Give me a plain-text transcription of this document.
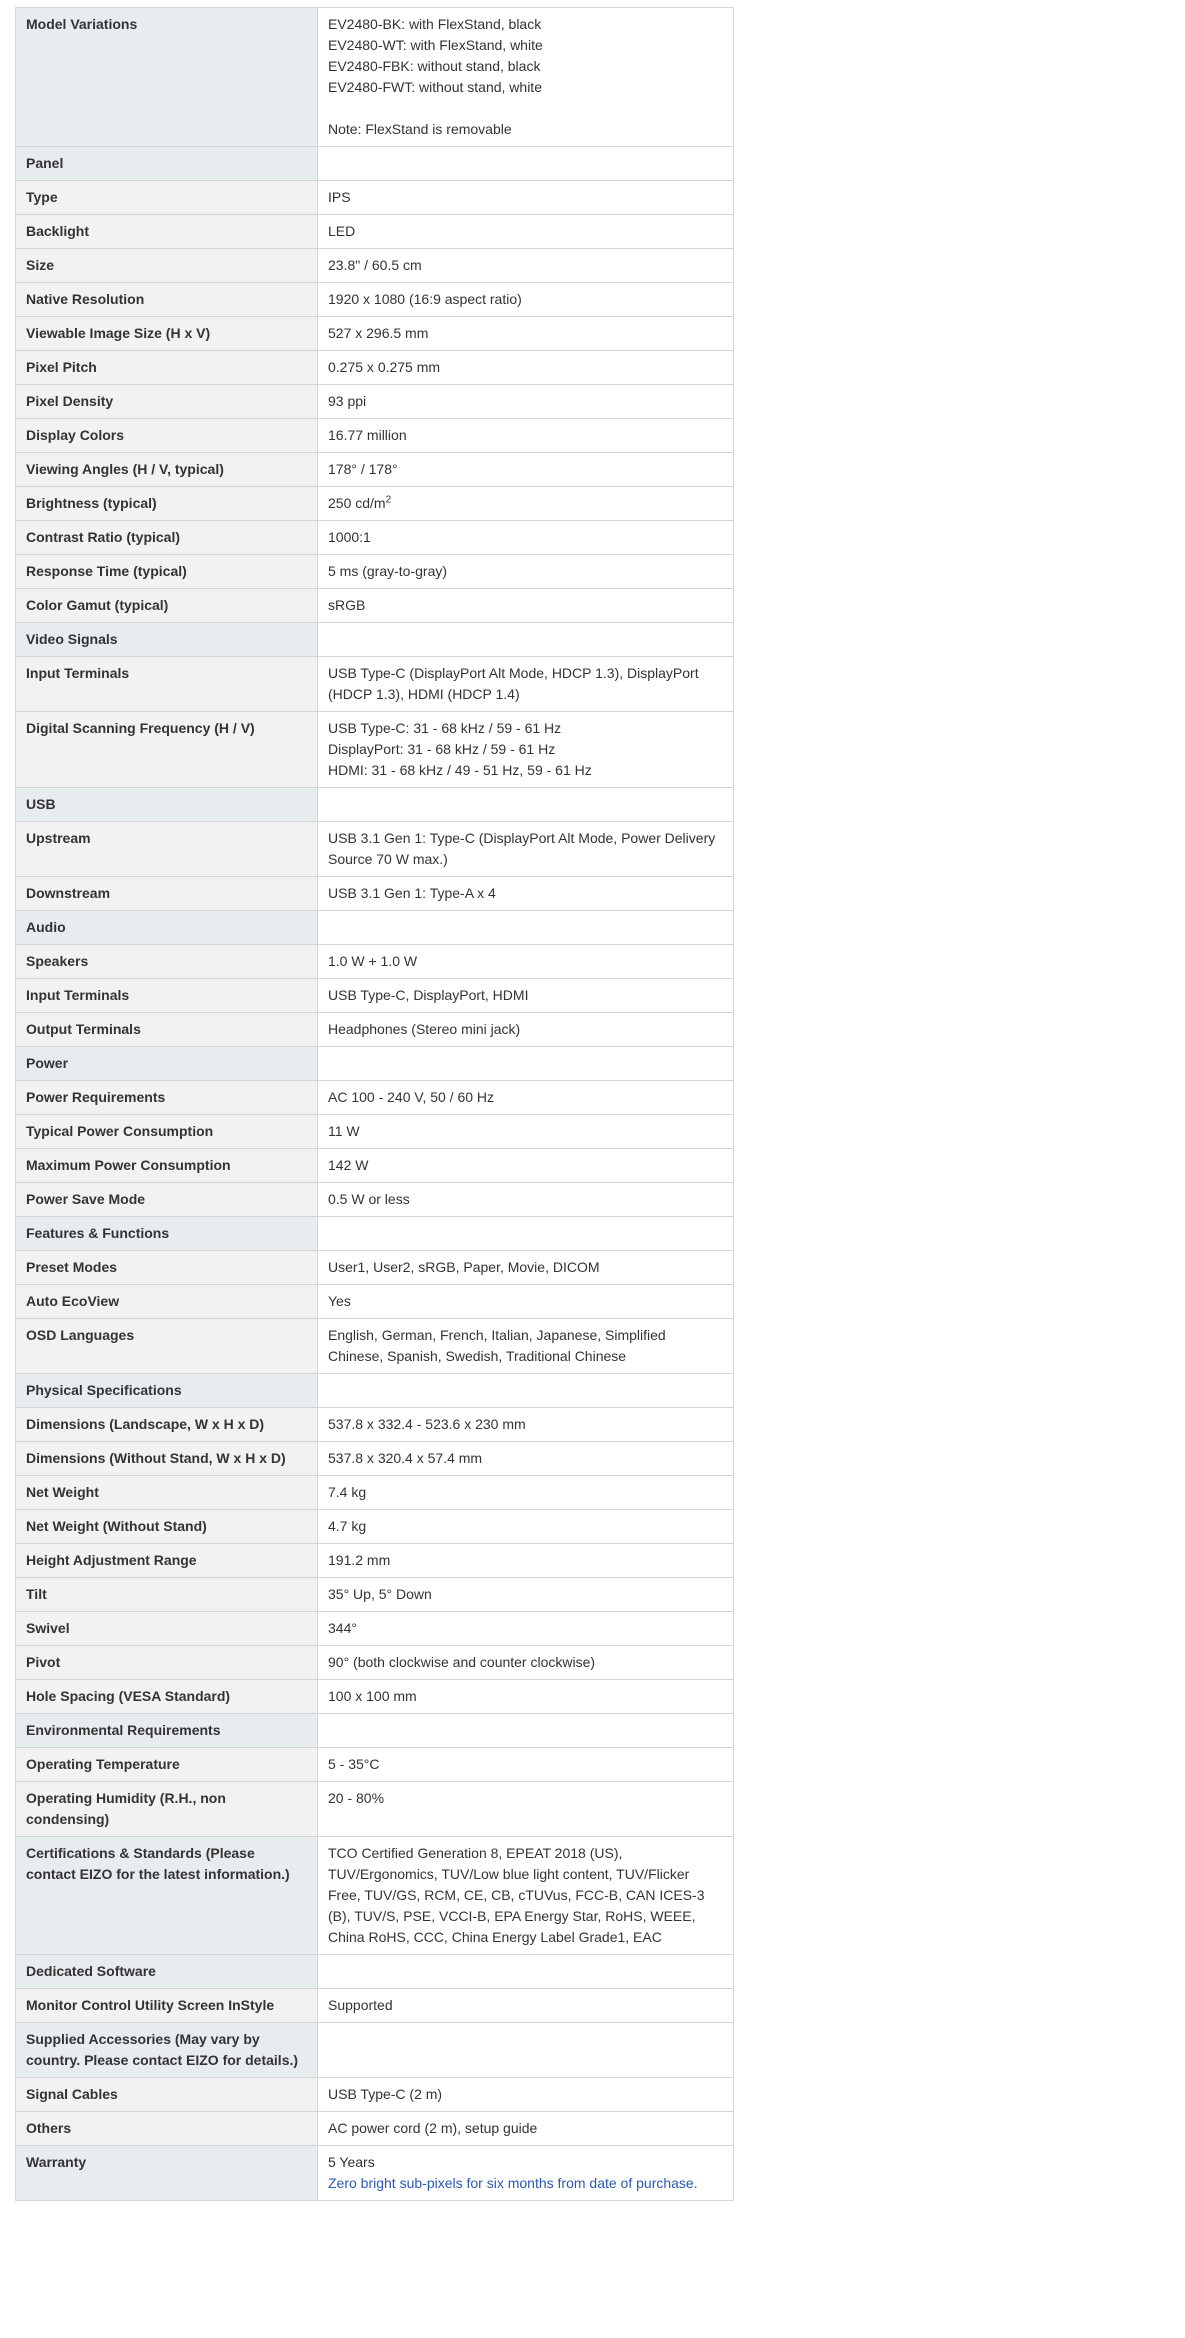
Model Variations	EV2480-BK: with FlexStand, black
EV2480-WT: with FlexStand, white
EV2480-FBK: without stand, black
EV2480-FWT: without stand, white
Note: FlexStand is removable

Panel	
Type	IPS

Backlight	LED

Size	23.8" / 60.5 cm

Native Resolution	1920 x 1080 (16:9 aspect ratio)

Viewable Image Size (H x V)	527 x 296.5 mm

Pixel Pitch	0.275 x 0.275 mm

Pixel Density	93 ppi

Display Colors	16.77 million

Viewing Angles (H / V, typical)	178° / 178°

Brightness (typical)	250 $cd/m^2$

Contrast Ratio (typical)	1000:1

Response Time (typical)	5 ms (gray-to-gray)

Color Gamut (typical)	sRGB

Video Signals	
Input Terminals	USB Type-C (DisplayPort Alt Mode, HDCP 1.3), DisplayPort
(HDCP 1.3), HDMI (HDCP 1.4)

Digital Scanning Frequency (H / V)	USB Type-C: 31 - 68 kHz / 59 - 61 Hz
DisplayPort: 31 - 68 kHz / 59 - 61 Hz
HDMI: 31 - 68 kHz / 49 - 51 Hz, 59 - 61 Hz

USB	
Upstream	USB 3.1 Gen 1: Type-C (DisplayPort Alt Mode, Power Delivery
Source 70 W max.)

Downstream	USB 3.1 Gen 1: Type-A x 4

Audio	
Speakers	1.0 W + 1.0 W

Input Terminals	USB Type-C, DisplayPort, HDMI

Output Terminals	Headphones (Stereo mini jack)

Power	
Power Requirements	AC 100 - 240 V, 50 / 60 Hz

Typical Power Consumption	11 W

Maximum Power Consumption	142 W

Power Save Mode	0.5 W or less

Features & Functions	
Preset Modes	User1, User2, sRGB, Paper, Movie, DICOM

Auto EcoView	Yes

OSD Languages	English, German, French, Italian, Japanese, Simplified
Chinese, Spanish, Swedish, Traditional Chinese

Physical Specifications	
Dimensions (Landscape, W x H x D)	537.8 x 332.4 - 523.6 x 230 mm

Dimensions (Without Stand, W x H x D)	537.8 x 320.4 x 57.4 mm

Net Weight	7.4 kg

Net Weight (Without Stand)	4.7 kg

Height Adjustment Range	191.2 mm

Tilt	35° Up, 5° Down

Swivel	344°

Pivot	90° (both clockwise and counter clockwise)

Hole Spacing (VESA Standard)	100 x 100 mm

Environmental Requirements	
Operating Temperature	5 - 35°C

Operating Humidity (R.H., non condensing)	20 - 80%

Certifications & Standards (Please contact EIZO for the latest information.)	TCO Certified Generation 8, EPEAT 2018 (US),
TUV/Ergonomics, TUV/Low blue light content, TUV/Flicker
Free, TUV/GS, RCM, CE, CB, cTUVus, FCC-B, CAN ICES-3
(B), TUV/S, PSE, VCCI-B, EPA Energy Star, RoHS, WEEE,
China RoHS, CCC, China Energy Label Grade1, EAC

Dedicated Software	
Monitor Control Utility Screen InStyle	Supported

Supplied Accessories (May vary by country. Please contact EIZO for details.)	
Signal Cables	USB Type-C (2 m)

Others	AC power cord (2 m), setup guide

Warranty	5 Years
Zero bright sub-pixels for six months from date of purchase.
